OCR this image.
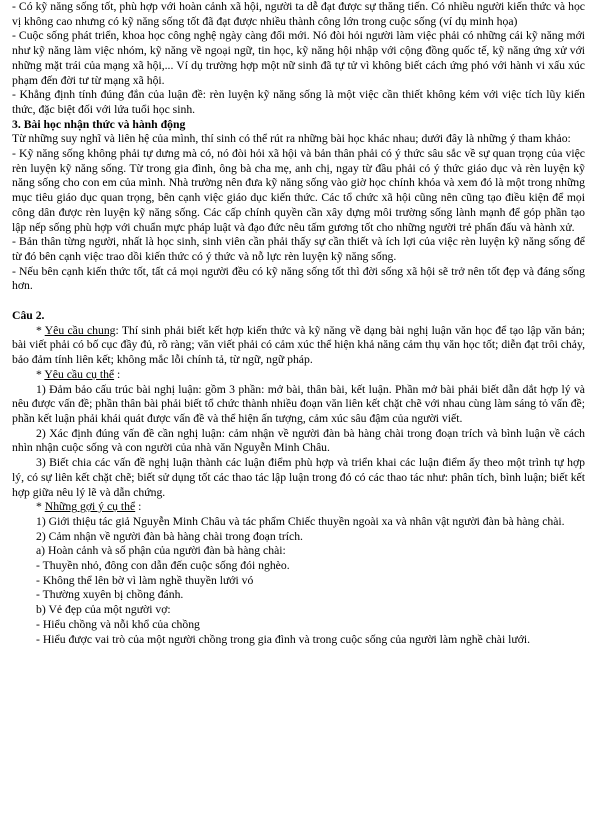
- Có kỹ năng sống tốt, phù hợp với hoàn cảnh xã hội, người ta dễ đạt được sự thăng tiến. Có nhiều người kiến thức và học vị không cao nhưng có kỹ năng sống tốt đã đạt được nhiều thành công lớn trong cuộc sống (ví dụ minh họa)

- Cuộc sống phát triển, khoa học công nghệ ngày càng đổi mới. Nó đòi hỏi người làm việc phải có những cái kỹ năng mới như kỹ năng làm việc nhóm, kỹ năng về ngoại ngữ, tin học, kỹ năng hội nhập với cộng đồng quốc tế, kỹ năng ứng xử với những mặt trái của mạng xã hội,... Ví dụ trường hợp một nữ sinh đã tự tử vì không biết cách ứng phó với hành vi xấu xúc phạm đến đời tư từ mạng xã hội.

- Khẳng định tính đúng đắn của luận đề: rèn luyện kỹ năng sống là một việc cần thiết không kém với việc tích lũy kiến thức, đặc biệt đối với lứa tuổi học sinh.

3. Bài học nhận thức và hành động

Từ những suy nghĩ và liên hệ của mình, thí sinh có thể rút ra những bài học khác nhau; dưới đây là những ý tham khảo:

- Kỹ năng sống không phải tự dưng mà có, nó đòi hỏi xã hội và bản thân phải có ý thức sâu sắc về sự quan trọng của việc rèn luyện kỹ năng sống. Từ trong gia đình, ông bà cha mẹ, anh chị, ngay từ đầu phải có ý thức giáo dục và rèn luyện kỹ năng sống cho con em của mình. Nhà trường nên đưa kỹ năng sống vào giờ học chính khóa và xem đó là một trong những mục tiêu giáo dục quan trọng, bên cạnh việc giáo dục kiến thức. Các tổ chức xã hội cũng nên cũng tạo điều kiện để mọi công dân được rèn luyện kỹ năng sống. Các cấp chính quyền cần xây dựng môi trường sống lành mạnh để góp phần tạo lập nếp sống phù hợp với chuẩn mực pháp luật và đạo đức nêu tấm gương tốt cho những người trẻ phấn đấu và hành xử.

- Bản thân từng người, nhất là học sinh, sinh viên cần phải thấy sự cần thiết và ích lợi của việc rèn luyện kỹ năng sống để từ đó bên cạnh việc trao dồi kiến thức có ý thức và nỗ lực rèn luyện kỹ năng sống.

- Nếu bên cạnh kiến thức tốt, tất cả mọi người đều có kỹ năng sống tốt thì đời sống xã hội sẽ trở nên tốt đẹp và đáng sống hơn.

Câu 2.

* Yêu cầu chung: Thí sinh phải biết kết hợp kiến thức và kỹ năng về dạng bài nghị luận văn học để tạo lập văn bản; bài viết phải có bố cục đầy đủ, rõ ràng; văn viết phải có cảm xúc thể hiện khả năng cảm thụ văn học tốt; diễn đạt trôi chảy, bảo đảm tính liên kết; không mắc lỗi chính tả, từ ngữ, ngữ pháp.

* Yêu cầu cụ thể :

1) Đảm bảo cấu trúc bài nghị luận: gồm 3 phần: mở bài, thân bài, kết luận. Phần mở bài phải biết dẫn dắt hợp lý và nêu được vấn đề; phần thân bài phải biết tổ chức thành nhiều đoạn văn liên kết chặt chẽ với nhau cùng làm sáng tỏ vấn đề; phần kết luận phải khái quát được vấn đề và thể hiện ấn tượng, cảm xúc sâu đậm của người viết.

2) Xác định đúng vấn đề cần nghị luận: cảm nhận về người đàn bà hàng chài trong đoạn trích và bình luận về cách nhìn nhận cuộc sống và con người của nhà văn Nguyễn Minh Châu.

3) Biết chia các vấn đề nghị luận thành các luận điểm phù hợp và triển khai các luận điểm ấy theo một trình tự hợp lý, có sự liên kết chặt chẽ; biết sử dụng tốt các thao tác lập luận trong đó có các thao tác như: phân tích, bình luận; biết kết hợp giữa nêu lý lẽ và dẫn chứng.

* Những gợi ý cụ thể :

1) Giới thiệu tác giả Nguyễn Minh Châu và tác phẩm Chiếc thuyền ngoài xa và nhân vật người đàn bà hàng chài.

2) Cảm nhận về người đàn bà hàng chài trong đoạn trích.

a) Hoàn cảnh và số phận của người đàn bà hàng chài:

- Thuyền nhỏ, đông con dẫn đến cuộc sống đói nghèo.

- Không thể lên bờ vì làm nghề thuyền lưới vó

- Thường xuyên bị chồng đánh.

b) Vẻ đẹp của một người vợ:

- Hiểu chồng và nỗi khổ của chồng

- Hiểu được vai trò của một người chồng trong gia đình và trong cuộc sống của người làm nghề chài lưới.
